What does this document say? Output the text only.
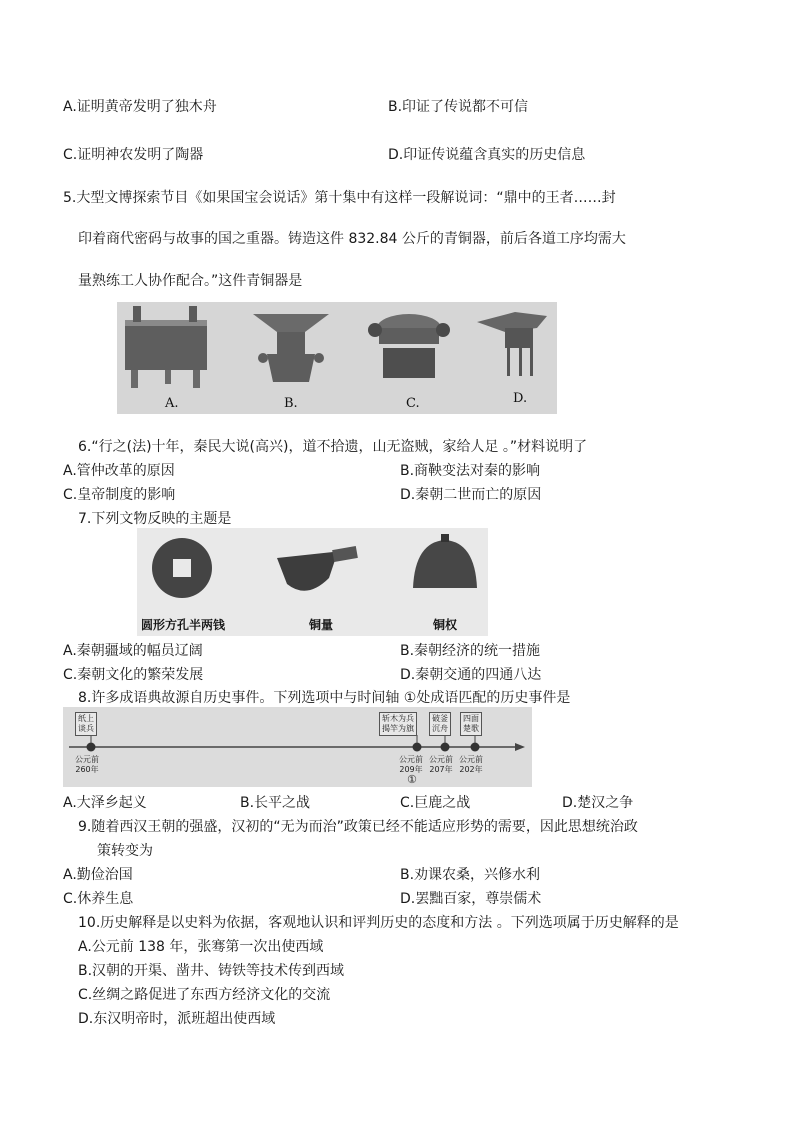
A.证明黄帝发明了独木舟	B.印证了传说都不可信
C.证明神农发明了陶器	D.印证传说蕴含真实的历史信息
5.大型文博探索节目《如果国宝会说话》第十集中有这样一段解说词：“鼎中的王者……封
印着商代密码与故事的国之重器。铸造这件 832.84 公斤的青铜器，前后各道工序均需大
量熟练工人协作配合。”这件青铜器是
A.	B.	C.	D.
6.“行之(法)十年，秦民大说(高兴)，道不拾遗，山无盗贼，家给人足 。”材料说明了
A.管仲改革的原因	B.商鞅变法对秦的影响
C.皇帝制度的影响	D.秦朝二世而亡的原因
7.下列文物反映的主题是
圆形方孔半两钱	铜量	铜权
A.秦朝疆域的幅员辽阔	B.秦朝经济的统一措施
C.秦朝文化的繁荣发展	D.秦朝交通的四通八达
8.许多成语典故源自历史事件。下列选项中与时间轴 ①处成语匹配的历史事件是
纸上
谈兵
斩木为兵
揭竿为旗
破釜
沉舟
四面
楚歌
公元前
260年
公元前
209年
公元前
207年
公元前
202年
①
A.大泽乡起义	B.长平之战	C.巨鹿之战	D.楚汉之争
9.随着西汉王朝的强盛，汉初的“无为而治”政策已经不能适应形势的需要，因此思想统治政
策转变为
A.勤俭治国	B.劝课农桑，兴修水利
C.休养生息	D.罢黜百家，尊崇儒术
10.历史解释是以史料为依据，客观地认识和评判历史的态度和方法 。下列选项属于历史解释的是
A.公元前 138 年，张骞第一次出使西域
B.汉朝的开渠、凿井、铸铁等技术传到西域
C.丝绸之路促进了东西方经济文化的交流
D.东汉明帝时，派班超出使西域
